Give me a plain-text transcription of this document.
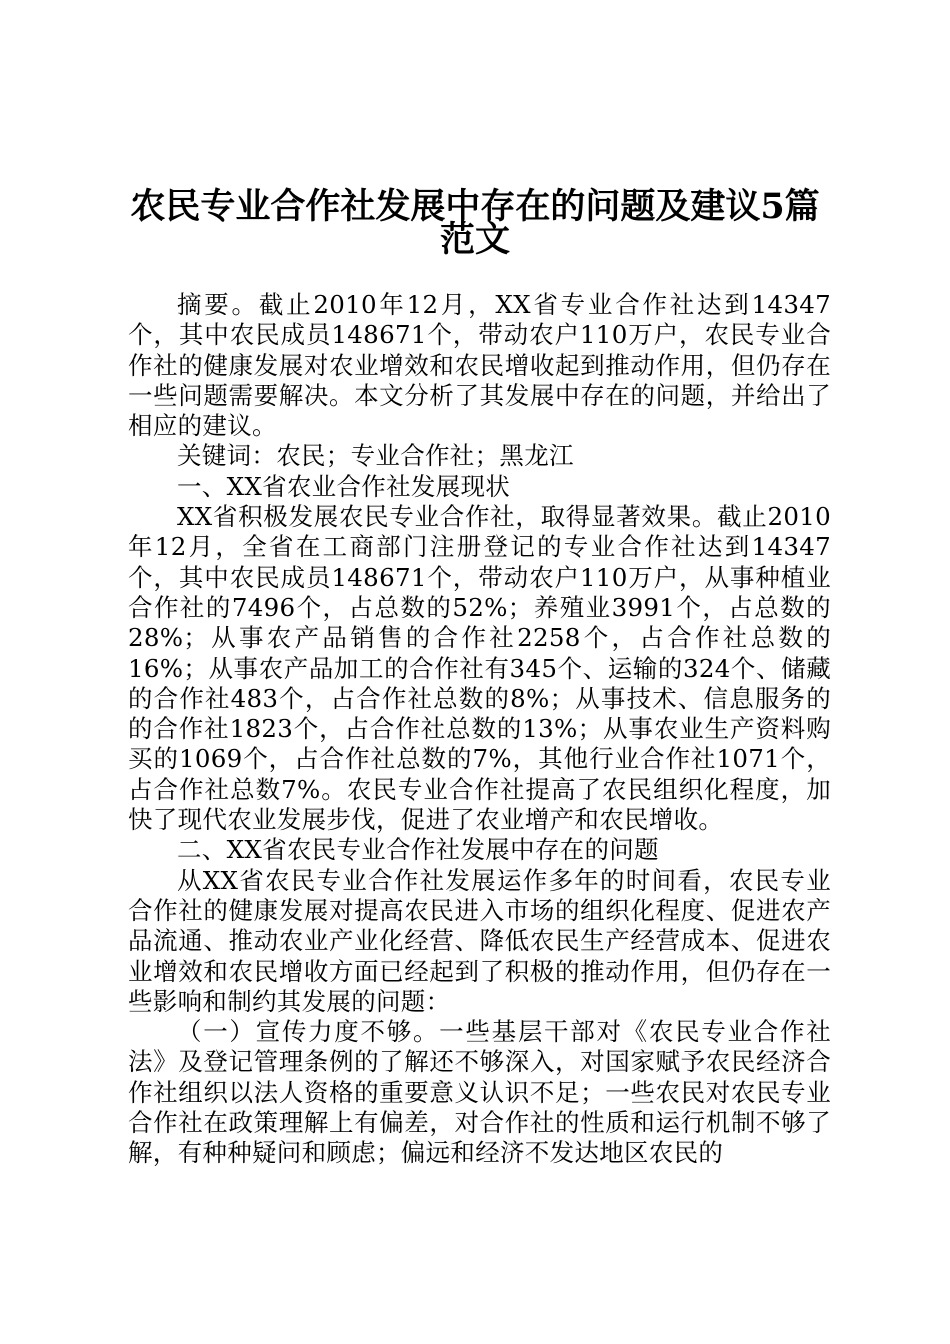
农民专业合作社发展中存在的问题及建议5篇
范文

摘要。截止2010年12月，XX省专业合作社达到14347个，其中农民成员148671个，带动农户110万户，农民专业合作社的健康发展对农业增效和农民增收起到推动作用，但仍存在一些问题需要解决。本文分析了其发展中存在的问题，并给出了相应的建议。

关键词：农民；专业合作社；黑龙江

一、XX省农业合作社发展现状

XX省积极发展农民专业合作社，取得显著效果。截止2010年12月，全省在工商部门注册登记的专业合作社达到14347个，其中农民成员148671个，带动农户110万户，从事种植业合作社的7496个，占总数的52%；养殖业3991个，占总数的28%；从事农产品销售的合作社2258个，占合作社总数的16%；从事农产品加工的合作社有345个、运输的324个、储藏的合作社483个，占合作社总数的8%；从事技术、信息服务的的合作社1823个，占合作社总数的13%；从事农业生产资料购买的1069个，占合作社总数的7%，其他行业合作社1071个，占合作社总数7%。农民专业合作社提高了农民组织化程度，加快了现代农业发展步伐，促进了农业增产和农民增收。

二、XX省农民专业合作社发展中存在的问题

从XX省农民专业合作社发展运作多年的时间看，农民专业合作社的健康发展对提高农民进入市场的组织化程度、促进农产品流通、推动农业产业化经营、降低农民生产经营成本、促进农业增效和农民增收方面已经起到了积极的推动作用，但仍存在一些影响和制约其发展的问题：

（一）宣传力度不够。一些基层干部对《农民专业合作社法》及登记管理条例的了解还不够深入，对国家赋予农民经济合作社组织以法人资格的重要意义认识不足；一些农民对农民专业合作社在政策理解上有偏差，对合作社的性质和运行机制不够了解，有种种疑问和顾虑；偏远和经济不发达地区农民的
